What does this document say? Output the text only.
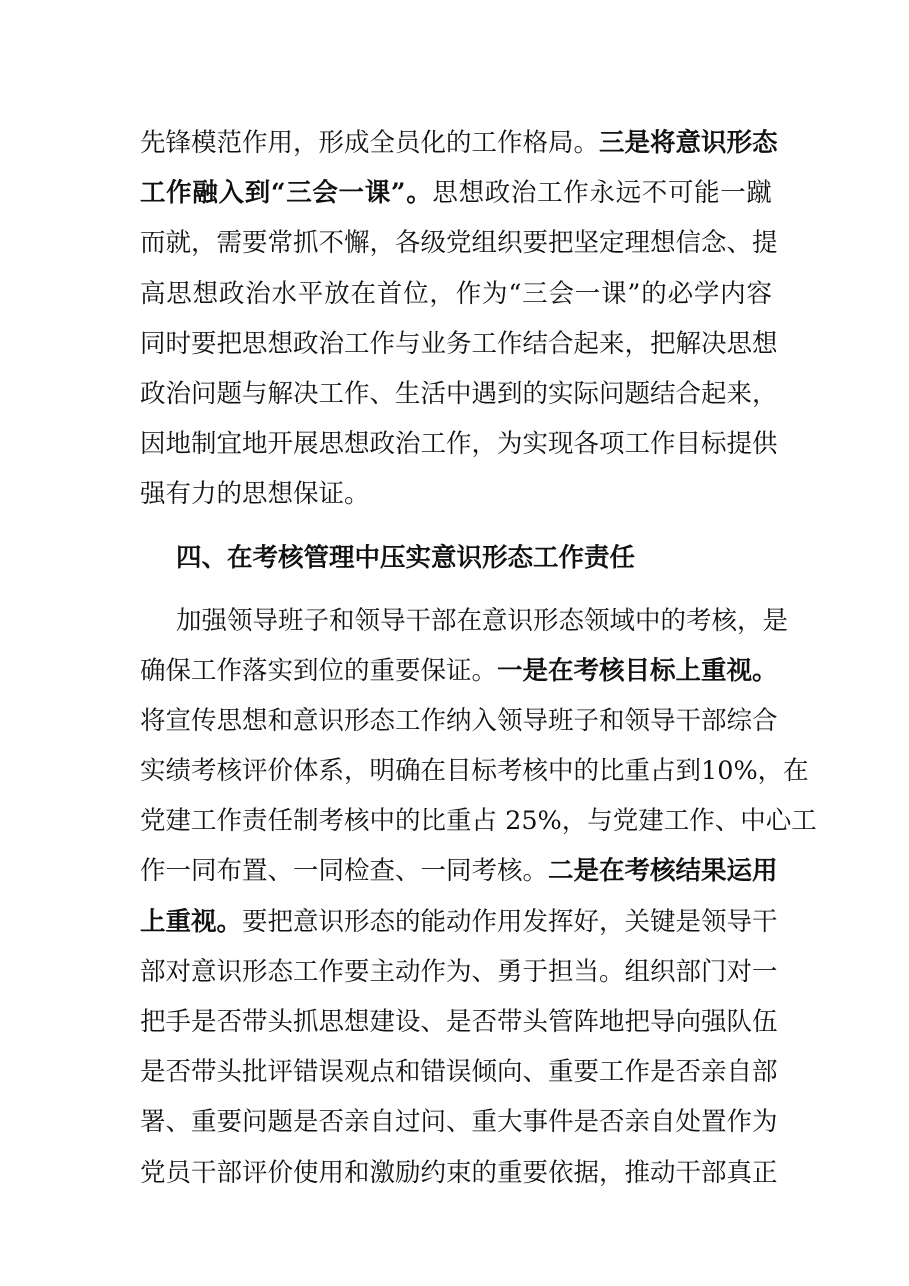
先锋模范作用，形成全员化的工作格局。三是将意识形态
工作融入到“三会一课”。思想政治工作永远不可能一蹴
而就，需要常抓不懈，各级党组织要把坚定理想信念、提
高思想政治水平放在首位，作为“三会一课”的必学内容
同时要把思想政治工作与业务工作结合起来，把解决思想
政治问题与解决工作、生活中遇到的实际问题结合起来，
因地制宜地开展思想政治工作，为实现各项工作目标提供
强有力的思想保证。
四、在考核管理中压实意识形态工作责任
加强领导班子和领导干部在意识形态领域中的考核，是
确保工作落实到位的重要保证。一是在考核目标上重视。
将宣传思想和意识形态工作纳入领导班子和领导干部综合
实绩考核评价体系，明确在目标考核中的比重占到10%，在
党建工作责任制考核中的比重占 25%，与党建工作、中心工
作一同布置、一同检查、一同考核。二是在考核结果运用
上重视。要把意识形态的能动作用发挥好，关键是领导干
部对意识形态工作要主动作为、勇于担当。组织部门对一
把手是否带头抓思想建设、是否带头管阵地把导向强队伍
是否带头批评错误观点和错误倾向、重要工作是否亲自部
署、重要问题是否亲自过问、重大事件是否亲自处置作为
党员干部评价使用和激励约束的重要依据，推动干部真正
